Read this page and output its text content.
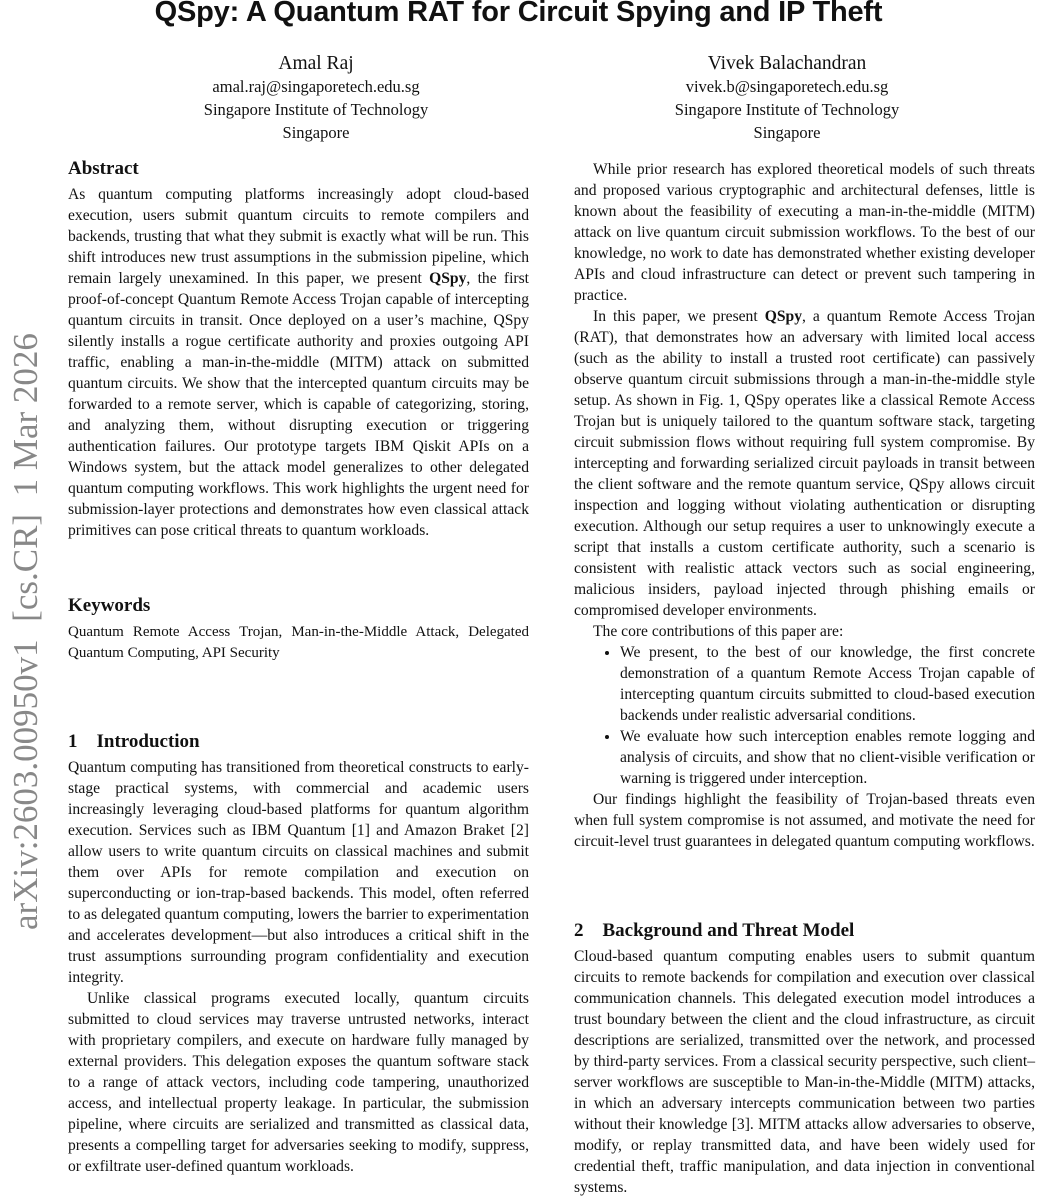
QSpy: A Quantum RAT for Circuit Spying and IP Theft
Amal Raj
amal.raj@singaporetech.edu.sg
Singapore Institute of Technology
Singapore
Vivek Balachandran
vivek.b@singaporetech.edu.sg
Singapore Institute of Technology
Singapore
arXiv:2603.00950v1  [cs.CR]  1 Mar 2026
Abstract

As quantum computing platforms increasingly adopt cloud-based execution, users submit quantum circuits to remote compilers and backends, trusting that what they submit is exactly what will be run. This shift introduces new trust assumptions in the submission pipeline, which remain largely unexamined. In this paper, we present QSpy, the first proof-of-concept Quantum Remote Access Trojan capable of intercepting quantum circuits in transit. Once deployed on a user’s machine, QSpy silently installs a rogue certificate authority and proxies outgoing API traffic, enabling a man-in-the-middle (MITM) attack on submitted quantum circuits. We show that the intercepted quantum circuits may be forwarded to a remote server, which is capable of categorizing, storing, and analyzing them, without disrupting execution or triggering authentication failures. Our prototype targets IBM Qiskit APIs on a Windows system, but the attack model generalizes to other delegated quantum computing workflows. This work highlights the urgent need for submission-layer protections and demonstrates how even classical attack primitives can pose critical threats to quantum workloads.

Keywords

Quantum Remote Access Trojan, Man-in-the-Middle Attack, Delegated Quantum Computing, API Security

1    Introduction

Quantum computing has transitioned from theoretical constructs to early-stage practical systems, with commercial and academic users increasingly leveraging cloud-based platforms for quantum algorithm execution. Services such as IBM Quantum [1] and Amazon Braket [2] allow users to write quantum circuits on classical machines and submit them over APIs for remote compilation and execution on superconducting or ion-trap-based backends. This model, often referred to as delegated quantum computing, lowers the barrier to experimentation and accelerates development—but also introduces a critical shift in the trust assumptions surrounding program confidentiality and execution integrity.

Unlike classical programs executed locally, quantum circuits submitted to cloud services may traverse untrusted networks, interact with proprietary compilers, and execute on hardware fully managed by external providers. This delegation exposes the quantum software stack to a range of attack vectors, including code tampering, unauthorized access, and intellectual property leakage. In particular, the submission pipeline, where circuits are serialized and transmitted as classical data, presents a compelling target for adversaries seeking to modify, suppress, or exfiltrate user-defined quantum workloads.

While prior research has explored theoretical models of such threats and proposed various cryptographic and architectural defenses, little is known about the feasibility of executing a man-in-the-middle (MITM) attack on live quantum circuit submission workflows. To the best of our knowledge, no work to date has demonstrated whether existing developer APIs and cloud infrastructure can detect or prevent such tampering in practice.

In this paper, we present QSpy, a quantum Remote Access Trojan (RAT), that demonstrates how an adversary with limited local access (such as the ability to install a trusted root certificate) can passively observe quantum circuit submissions through a man-in-the-middle style setup. As shown in Fig. 1, QSpy operates like a classical Remote Access Trojan but is uniquely tailored to the quantum software stack, targeting circuit submission flows without requiring full system compromise. By intercepting and forwarding serialized circuit payloads in transit between the client software and the remote quantum service, QSpy allows circuit inspection and logging without violating authentication or disrupting execution. Although our setup requires a user to unknowingly execute a script that installs a custom certificate authority, such a scenario is consistent with realistic attack vectors such as social engineering, malicious insiders, payload injected through phishing emails or compromised developer environments.

The core contributions of this paper are:

• We present, to the best of our knowledge, the first concrete demonstration of a quantum Remote Access Trojan capable of intercepting quantum circuits submitted to cloud-based execution backends under realistic adversarial conditions.
• We evaluate how such interception enables remote logging and analysis of circuits, and show that no client-visible verification or warning is triggered under interception.

Our findings highlight the feasibility of Trojan-based threats even when full system compromise is not assumed, and motivate the need for circuit-level trust guarantees in delegated quantum computing workflows.

2    Background and Threat Model

Cloud-based quantum computing enables users to submit quantum circuits to remote backends for compilation and execution over classical communication channels. This delegated execution model introduces a trust boundary between the client and the cloud infrastructure, as circuit descriptions are serialized, transmitted over the network, and processed by third-party services. From a classical security perspective, such client–server workflows are susceptible to Man-in-the-Middle (MITM) attacks, in which an adversary intercepts communication between two parties without their knowledge [3]. MITM attacks allow adversaries to observe, modify, or replay transmitted data, and have been widely used for credential theft, traffic manipulation, and data injection in conventional systems.
